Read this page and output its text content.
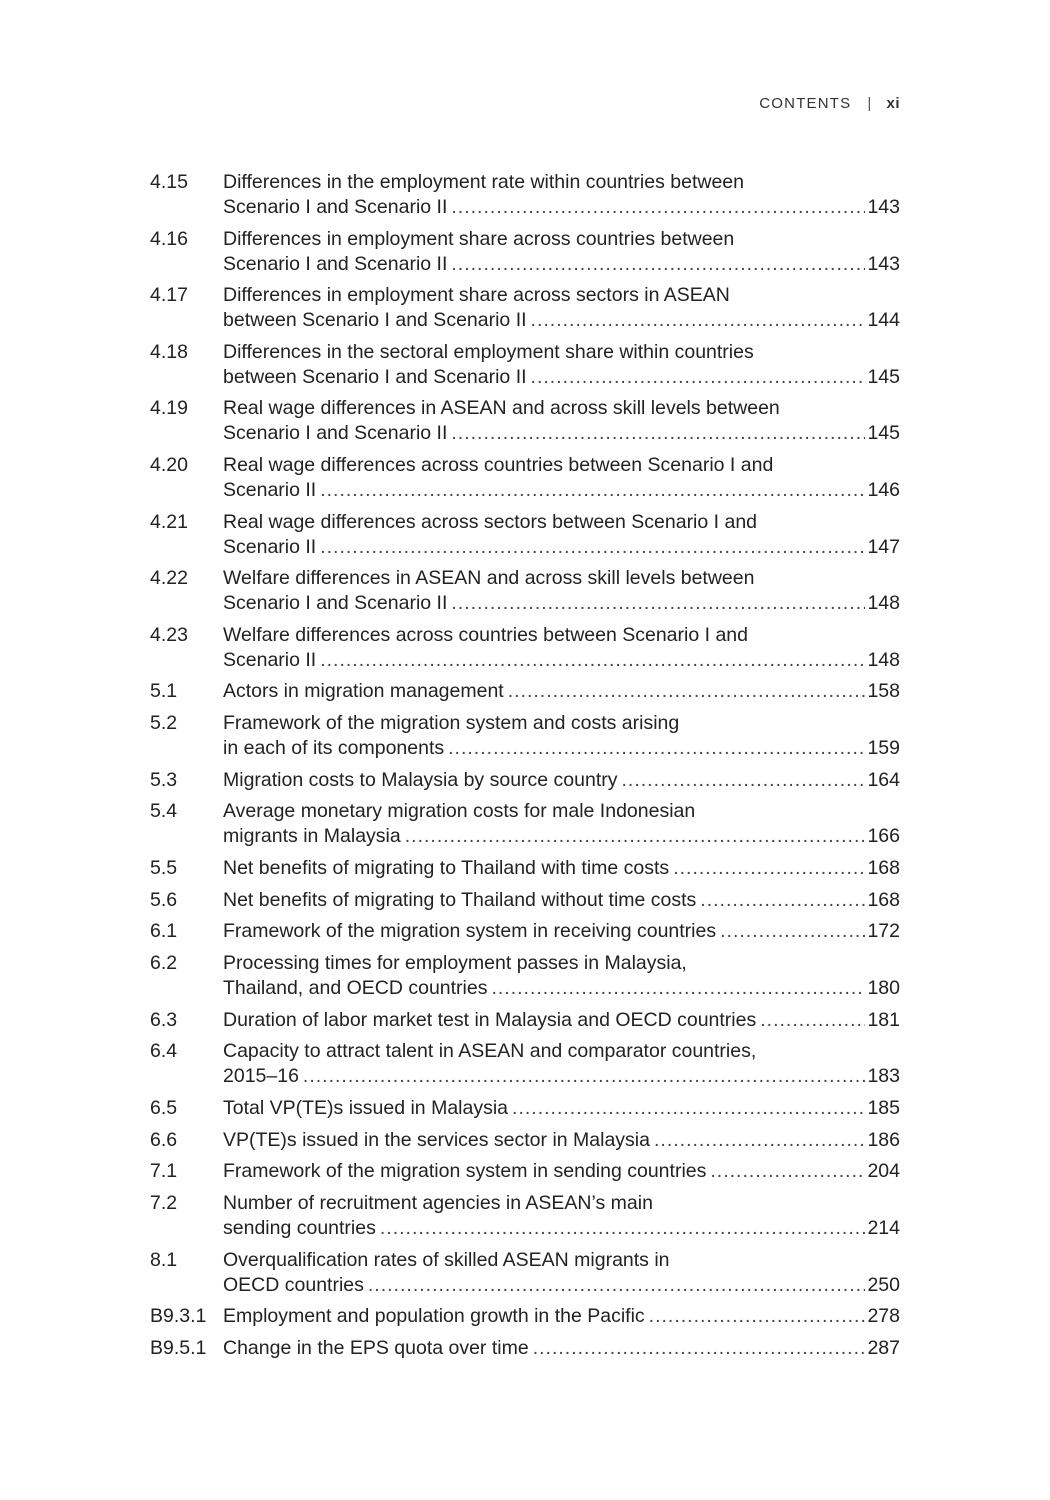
CONTENTS | xi
4.15	Differences in the employment rate within countries between
Scenario I and Scenario II .....	143
4.16	Differences in employment share across countries between
Scenario I and Scenario II .....	143
4.17	Differences in employment share across sectors in ASEAN
between Scenario I and Scenario II .....	144
4.18	Differences in the sectoral employment share within countries
between Scenario I and Scenario II .....	145
4.19	Real wage differences in ASEAN and across skill levels between
Scenario I and Scenario II .....	145
4.20	Real wage differences across countries between Scenario I and
Scenario II .....	146
4.21	Real wage differences across sectors between Scenario I and
Scenario II .....	147
4.22	Welfare differences in ASEAN and across skill levels between
Scenario I and Scenario II .....	148
4.23	Welfare differences across countries between Scenario I and
Scenario II .....	148
5.1	Actors in migration management .....	158
5.2	Framework of the migration system and costs arising
in each of its components .....	159
5.3	Migration costs to Malaysia by source country .....	164
5.4	Average monetary migration costs for male Indonesian
migrants in Malaysia .....	166
5.5	Net benefits of migrating to Thailand with time costs .....	168
5.6	Net benefits of migrating to Thailand without time costs .....	168
6.1	Framework of the migration system in receiving countries .....	172
6.2	Processing times for employment passes in Malaysia,
Thailand, and OECD countries .....	180
6.3	Duration of labor market test in Malaysia and OECD countries .....	181
6.4	Capacity to attract talent in ASEAN and comparator countries,
2015–16 .....	183
6.5	Total VP(TE)s issued in Malaysia .....	185
6.6	VP(TE)s issued in the services sector in Malaysia .....	186
7.1	Framework of the migration system in sending countries .....	204
7.2	Number of recruitment agencies in ASEAN’s main
sending countries .....	214
8.1	Overqualification rates of skilled ASEAN migrants in
OECD countries .....	250
B9.3.1 Employment and population growth in the Pacific .....	278
B9.5.1 Change in the EPS quota over time .....	287
